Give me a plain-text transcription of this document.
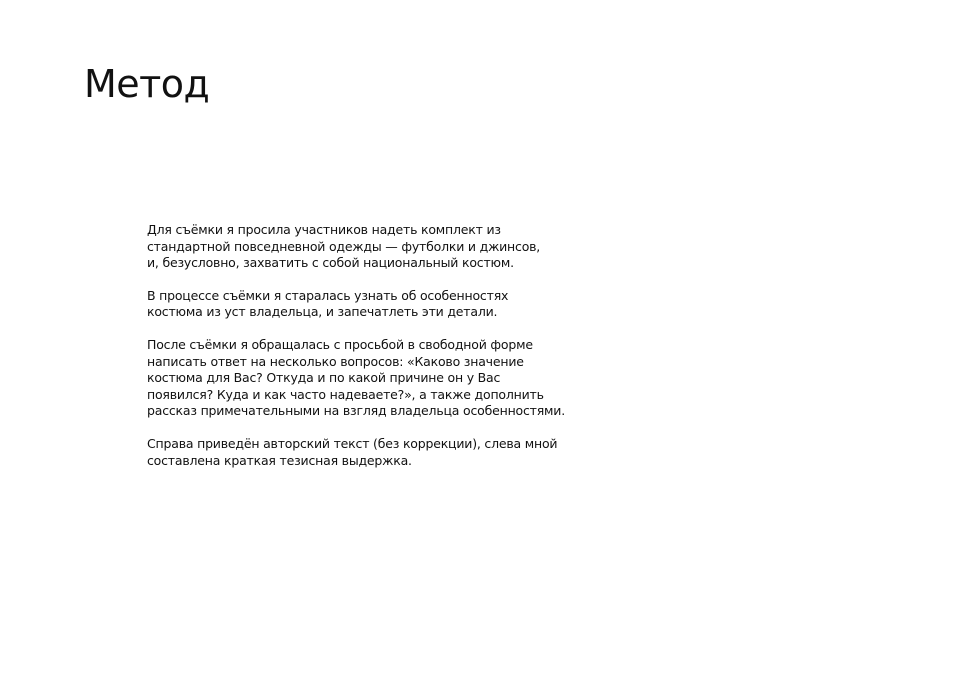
Метод

Для съёмки я просила участников надеть комплект из
стандартной повседневной одежды — футболки и джинсов,
и, безусловно, захватить с собой национальный костюм.

В процессе съёмки я старалась узнать об особенностях
костюма из уст владельца, и запечатлеть эти детали.

После съёмки я обращалась с просьбой в свободной форме
написать ответ на несколько вопросов: «Каково значение
костюма для Вас? Откуда и по какой причине он у Вас
появился? Куда и как часто надеваете?», а также дополнить
рассказ примечательными на взгляд владельца особенностями.

Справа приведён авторский текст (без коррекции), слева мной
составлена краткая тезисная выдержка.
